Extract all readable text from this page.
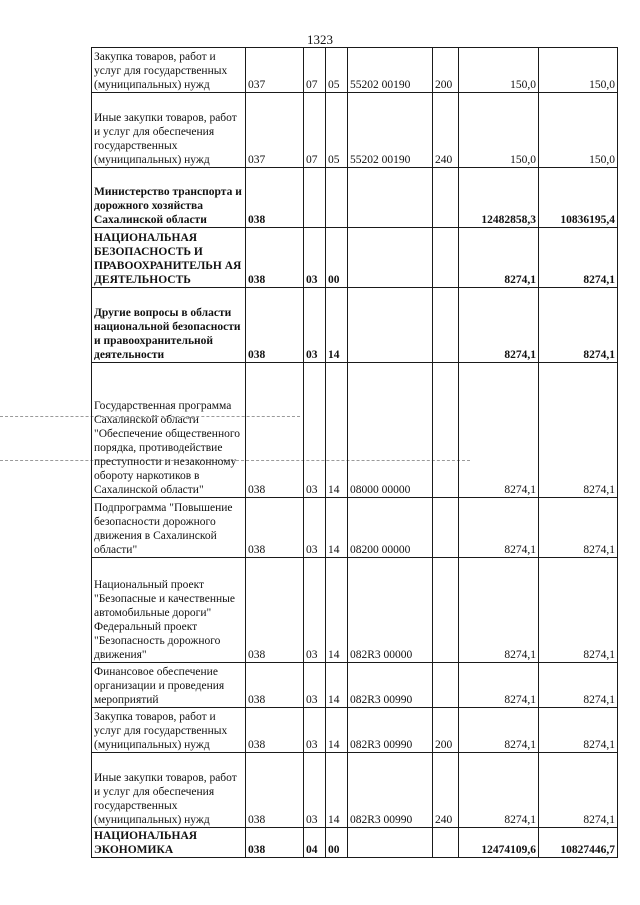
1323
Закупка товаров, работ и услуг для государственных (муниципальных) нужд	037	07	05	55202 00190	200	150,0	150,0
Иные закупки товаров, работ и услуг для обеспечения государственных (муниципальных) нужд	037	07	05	55202 00190	240	150,0	150,0
Министерство транспорта и дорожного хозяйства Сахалинской области	038					12482858,3	10836195,4
НАЦИОНАЛЬНАЯ БЕЗОПАСНОСТЬ И ПРАВООХРАНИТЕЛЬН АЯ ДЕЯТЕЛЬНОСТЬ	038	03	00			8274,1	8274,1
Другие вопросы в области национальной безопасности и правоохранительной деятельности	038	03	14			8274,1	8274,1
Государственная программа Сахалинской области "Обеспечение общественного порядка, противодействие преступности и незаконному обороту наркотиков в Сахалинской области"	038	03	14	08000 00000		8274,1	8274,1
Подпрограмма "Повышение безопасности дорожного движения в Сахалинской области"	038	03	14	08200 00000		8274,1	8274,1
Национальный проект "Безопасные и качественные автомобильные дороги" Федеральный проект "Безопасность дорожного движения"	038	03	14	082R3 00000		8274,1	8274,1
Финансовое обеспечение организации и проведения мероприятий	038	03	14	082R3 00990		8274,1	8274,1
Закупка товаров, работ и услуг для государственных (муниципальных) нужд	038	03	14	082R3 00990	200	8274,1	8274,1
Иные закупки товаров, работ и услуг для обеспечения государственных (муниципальных) нужд	038	03	14	082R3 00990	240	8274,1	8274,1
НАЦИОНАЛЬНАЯ ЭКОНОМИКА	038	04	00			12474109,6	10827446,7
